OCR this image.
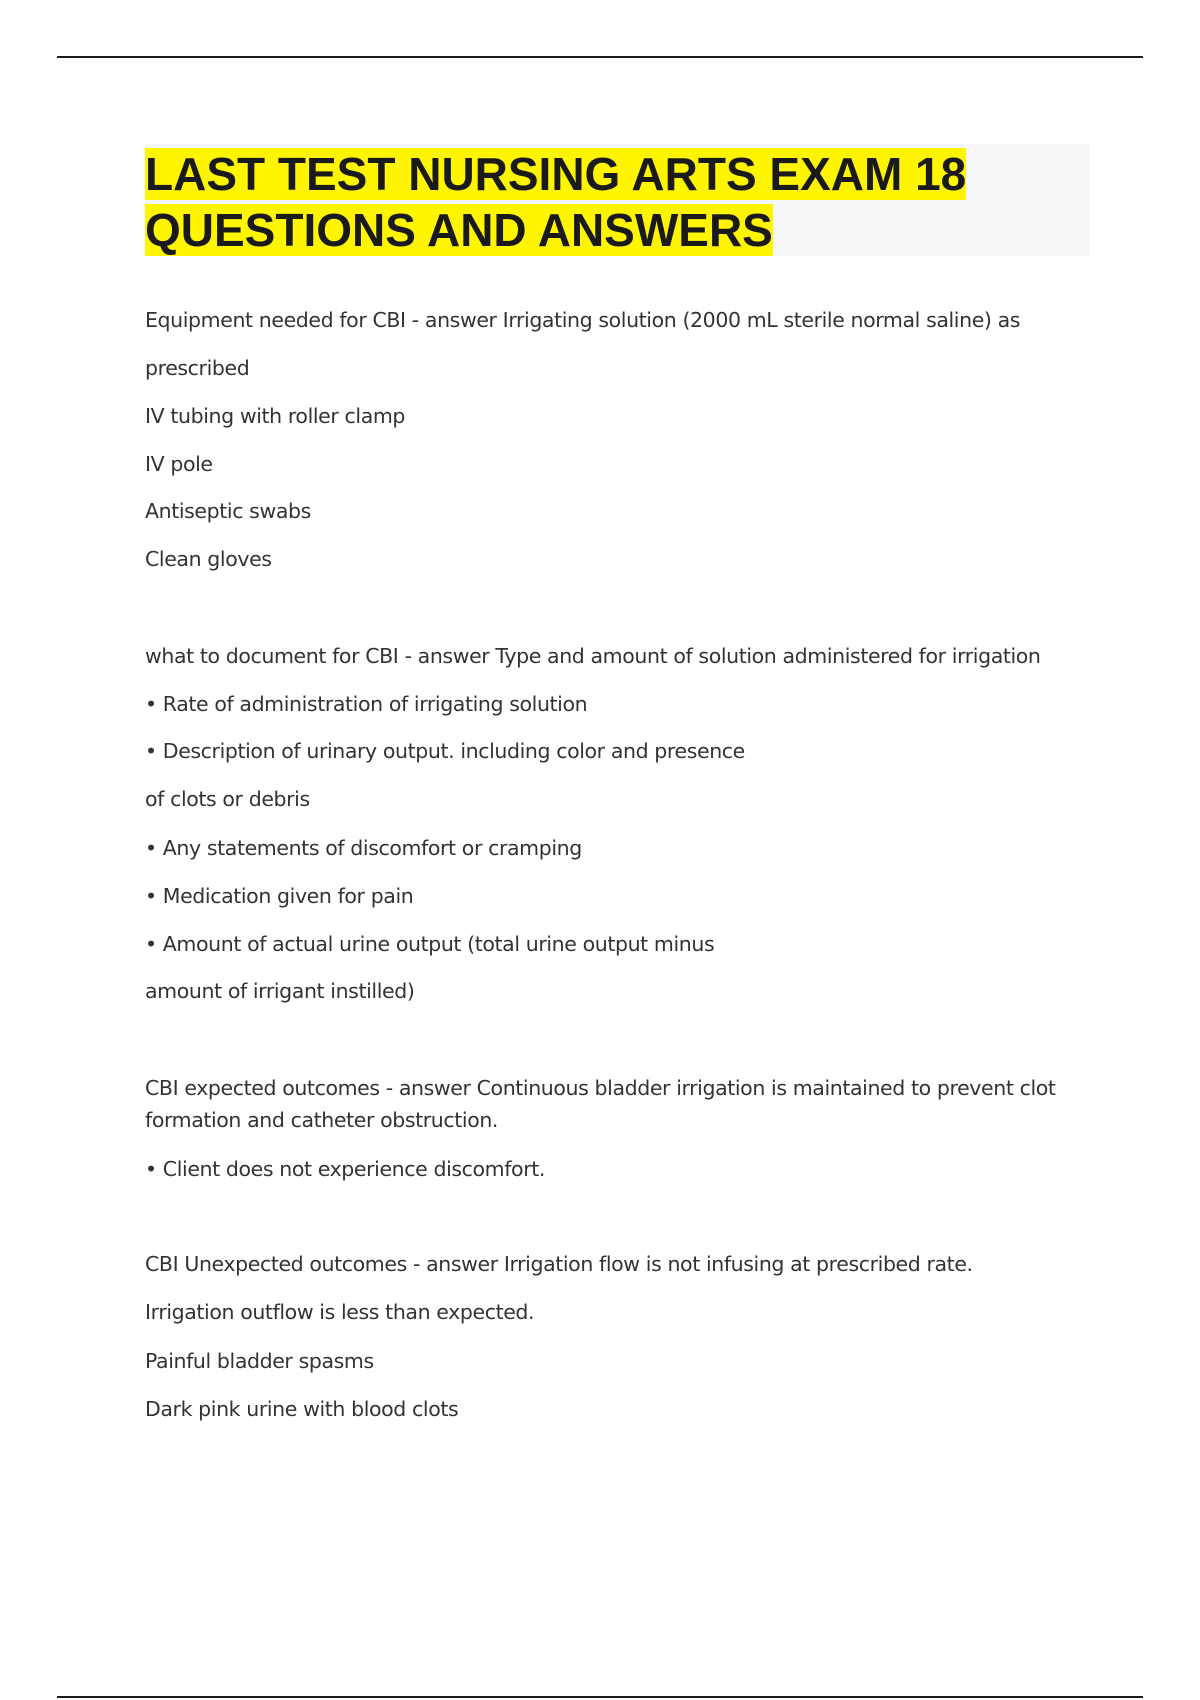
LAST TEST NURSING ARTS EXAM 18
QUESTIONS AND ANSWERS
Equipment needed for CBI - answer Irrigating solution (2000 mL sterile normal saline) as
prescribed
IV tubing with roller clamp
IV pole
Antiseptic swabs
Clean gloves
what to document for CBI - answer Type and amount of solution administered for irrigation
• Rate of administration of irrigating solution
• Description of urinary output. including color and presence
of clots or debris
• Any statements of discomfort or cramping
• Medication given for pain
• Amount of actual urine output (total urine output minus
amount of irrigant instilled)
CBI expected outcomes - answer Continuous bladder irrigation is maintained to prevent clot
formation and catheter obstruction.
• Client does not experience discomfort.
CBI Unexpected outcomes - answer Irrigation flow is not infusing at prescribed rate.
Irrigation outflow is less than expected.
Painful bladder spasms
Dark pink urine with blood clots
